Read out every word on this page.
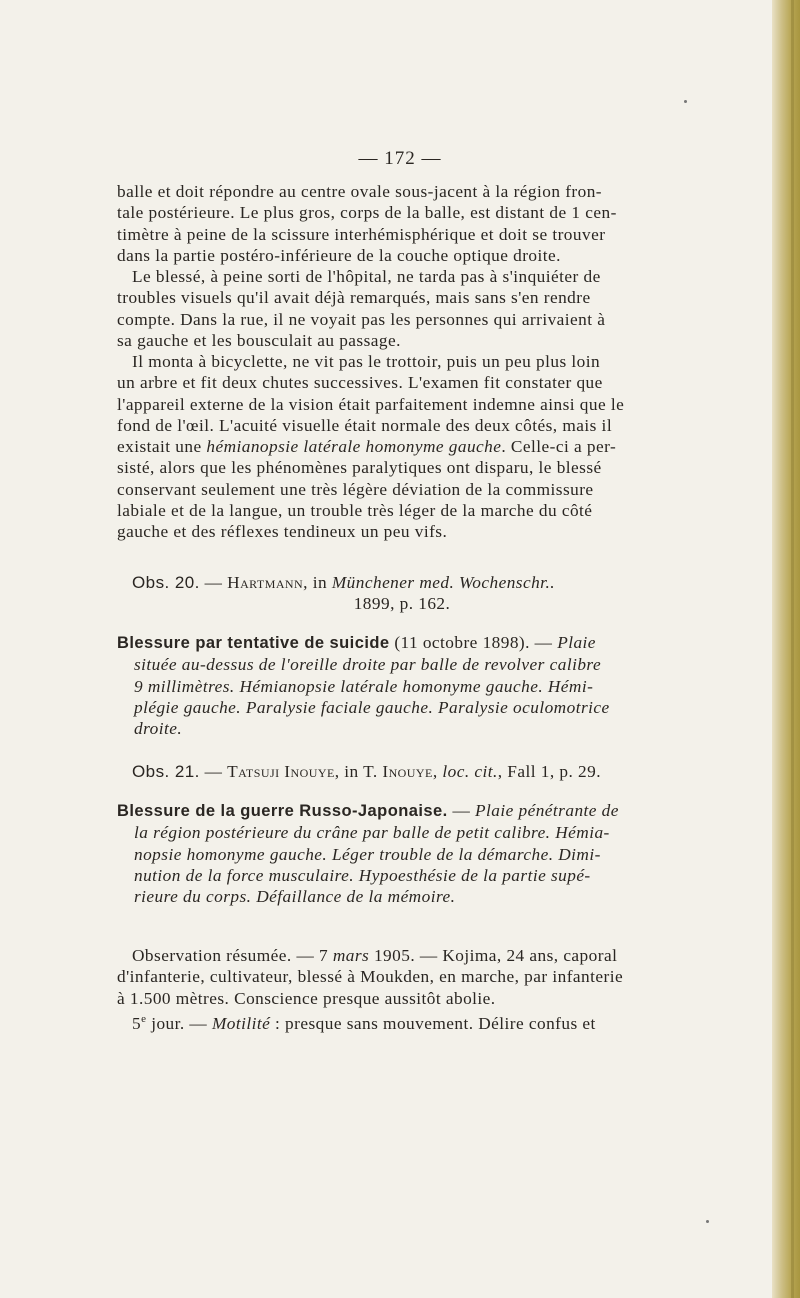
— 172 —

balle et doit répondre au centre ovale sous-jacent à la région fron-

tale postérieure. Le plus gros, corps de la balle, est distant de 1 cen-

timètre à peine de la scissure interhémisphérique et doit se trouver

dans la partie postéro-inférieure de la couche optique droite.

Le blessé, à peine sorti de l'hôpital, ne tarda pas à s'inquiéter de

troubles visuels qu'il avait déjà remarqués, mais sans s'en rendre

compte. Dans la rue, il ne voyait pas les personnes qui arrivaient à

sa gauche et les bousculait au passage.

Il monta à bicyclette, ne vit pas le trottoir, puis un peu plus loin

un arbre et fit deux chutes successives. L'examen fit constater que

l'appareil externe de la vision était parfaitement indemne ainsi que le

fond de l'œil. L'acuité visuelle était normale des deux côtés, mais il

existait une hémianopsie latérale homonyme gauche. Celle-ci a per-

sisté, alors que les phénomènes paralytiques ont disparu, le blessé

conservant seulement une très légère déviation de la commissure

labiale et de la langue, un trouble très léger de la marche du côté

gauche et des réflexes tendineux un peu vifs.

Obs. 20. — Hartmann, in Münchener med. Wochenschr..

1899, p. 162.

Blessure par tentative de suicide (11 octobre 1898). — Plaie

située au-dessus de l'oreille droite par balle de revolver calibre

9 millimètres. Hémianopsie latérale homonyme gauche. Hémi-

plégie gauche. Paralysie faciale gauche. Paralysie oculomotrice

droite.

Obs. 21. — Tatsuji Inouye, in T. Inouye, loc. cit., Fall 1, p. 29.

Blessure de la guerre Russo-Japonaise. — Plaie pénétrante de

la région postérieure du crâne par balle de petit calibre. Hémia-

nopsie homonyme gauche. Léger trouble de la démarche. Dimi-

nution de la force musculaire. Hypoesthésie de la partie supé-

rieure du corps. Défaillance de la mémoire.

Observation résumée. — 7 mars 1905. — Kojima, 24 ans, caporal

d'infanterie, cultivateur, blessé à Moukden, en marche, par infanterie

à 1.500 mètres. Conscience presque aussitôt abolie.

5e jour. — Motilité : presque sans mouvement. Délire confus et
